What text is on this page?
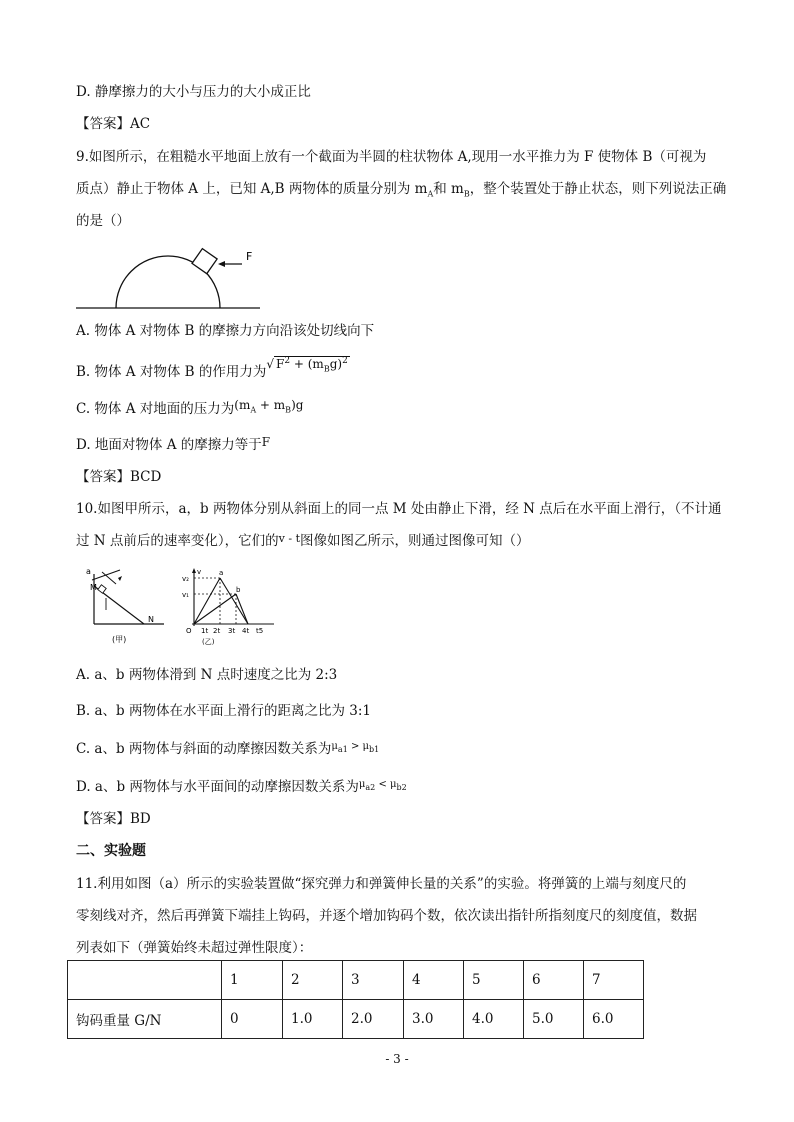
D. 静摩擦力的大小与压力的大小成正比
【答案】AC
9.如图所示，在粗糙水平地面上放有一个截面为半圆的柱状物体 A,现用一水平推力为 F 使物体 B（可视为
质点）静止于物体 A 上，已知 A,B 两物体的质量分别为 $m_A$和 $m_B$，整个装置处于静止状态，则下列说法正确
的是（）
F
A. 物体 A 对物体 B 的摩擦力方向沿该处切线向下
B. 物体 A 对物体 B 的作用力为√ $F^2 + (m_Bg)^2$
C. 物体 A 对地面的压力为$(m_A + m_B)g$
D. 地面对物体 A 的摩擦力等于F
【答案】BCD
10.如图甲所示，a，b 两物体分别从斜面上的同一点 M 处由静止下滑，经 N 点后在水平面上滑行，（不计通
过 N 点前后的速率变化），它们的$^{v - t}$图像如图乙所示，则通过图像可知（）
M
N
a
(甲)
v
v₂
v₁
a
b
O 1t 2t 3t 4t t5
(乙)
A. a、b 两物体滑到 N 点时速度之比为 2:3
B. a、b 两物体在水平面上滑行的距离之比为 3:1
C. a、b 两物体与斜面的动摩擦因数关系为$^{\mu_{a1} > \mu_{b1}}$
D. a、b 两物体与水平面间的动摩擦因数关系为$^{\mu_{a2} < \mu_{b2}}$
【答案】BD
二、实验题
11.利用如图（a）所示的实验装置做“探究弹力和弹簧伸长量的关系”的实验。将弹簧的上端与刻度尺的
零刻线对齐，然后再弹簧下端挂上钩码，并逐个增加钩码个数，依次读出指针所指刻度尺的刻度值，数据
列表如下（弹簧始终未超过弹性限度）：
	1	2	3	4	5	6	7
钩码重量 G/N	0	1.0	2.0	3.0	4.0	5.0	6.0
- 3 -
